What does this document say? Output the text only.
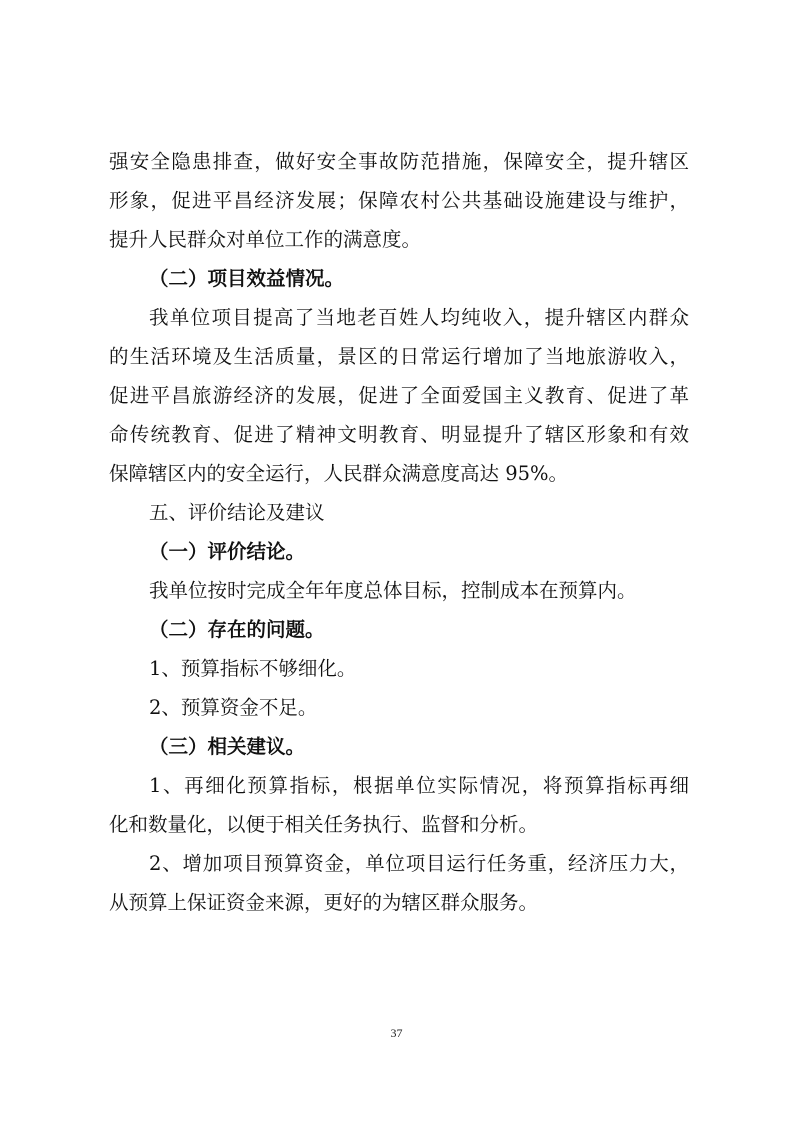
强安全隐患排查，做好安全事故防范措施，保障安全，提升辖区
形象，促进平昌经济发展；保障农村公共基础设施建设与维护，
提升人民群众对单位工作的满意度。
（二）项目效益情况。
我单位项目提高了当地老百姓人均纯收入，提升辖区内群众
的生活环境及生活质量，景区的日常运行增加了当地旅游收入，
促进平昌旅游经济的发展，促进了全面爱国主义教育、促进了革
命传统教育、促进了精神文明教育、明显提升了辖区形象和有效
保障辖区内的安全运行，人民群众满意度高达 95%。
五、评价结论及建议
（一）评价结论。
我单位按时完成全年年度总体目标，控制成本在预算内。
（二）存在的问题。
1、预算指标不够细化。
2、预算资金不足。
（三）相关建议。
1、再细化预算指标，根据单位实际情况，将预算指标再细
化和数量化，以便于相关任务执行、监督和分析。
2、增加项目预算资金，单位项目运行任务重，经济压力大，
从预算上保证资金来源，更好的为辖区群众服务。
37
